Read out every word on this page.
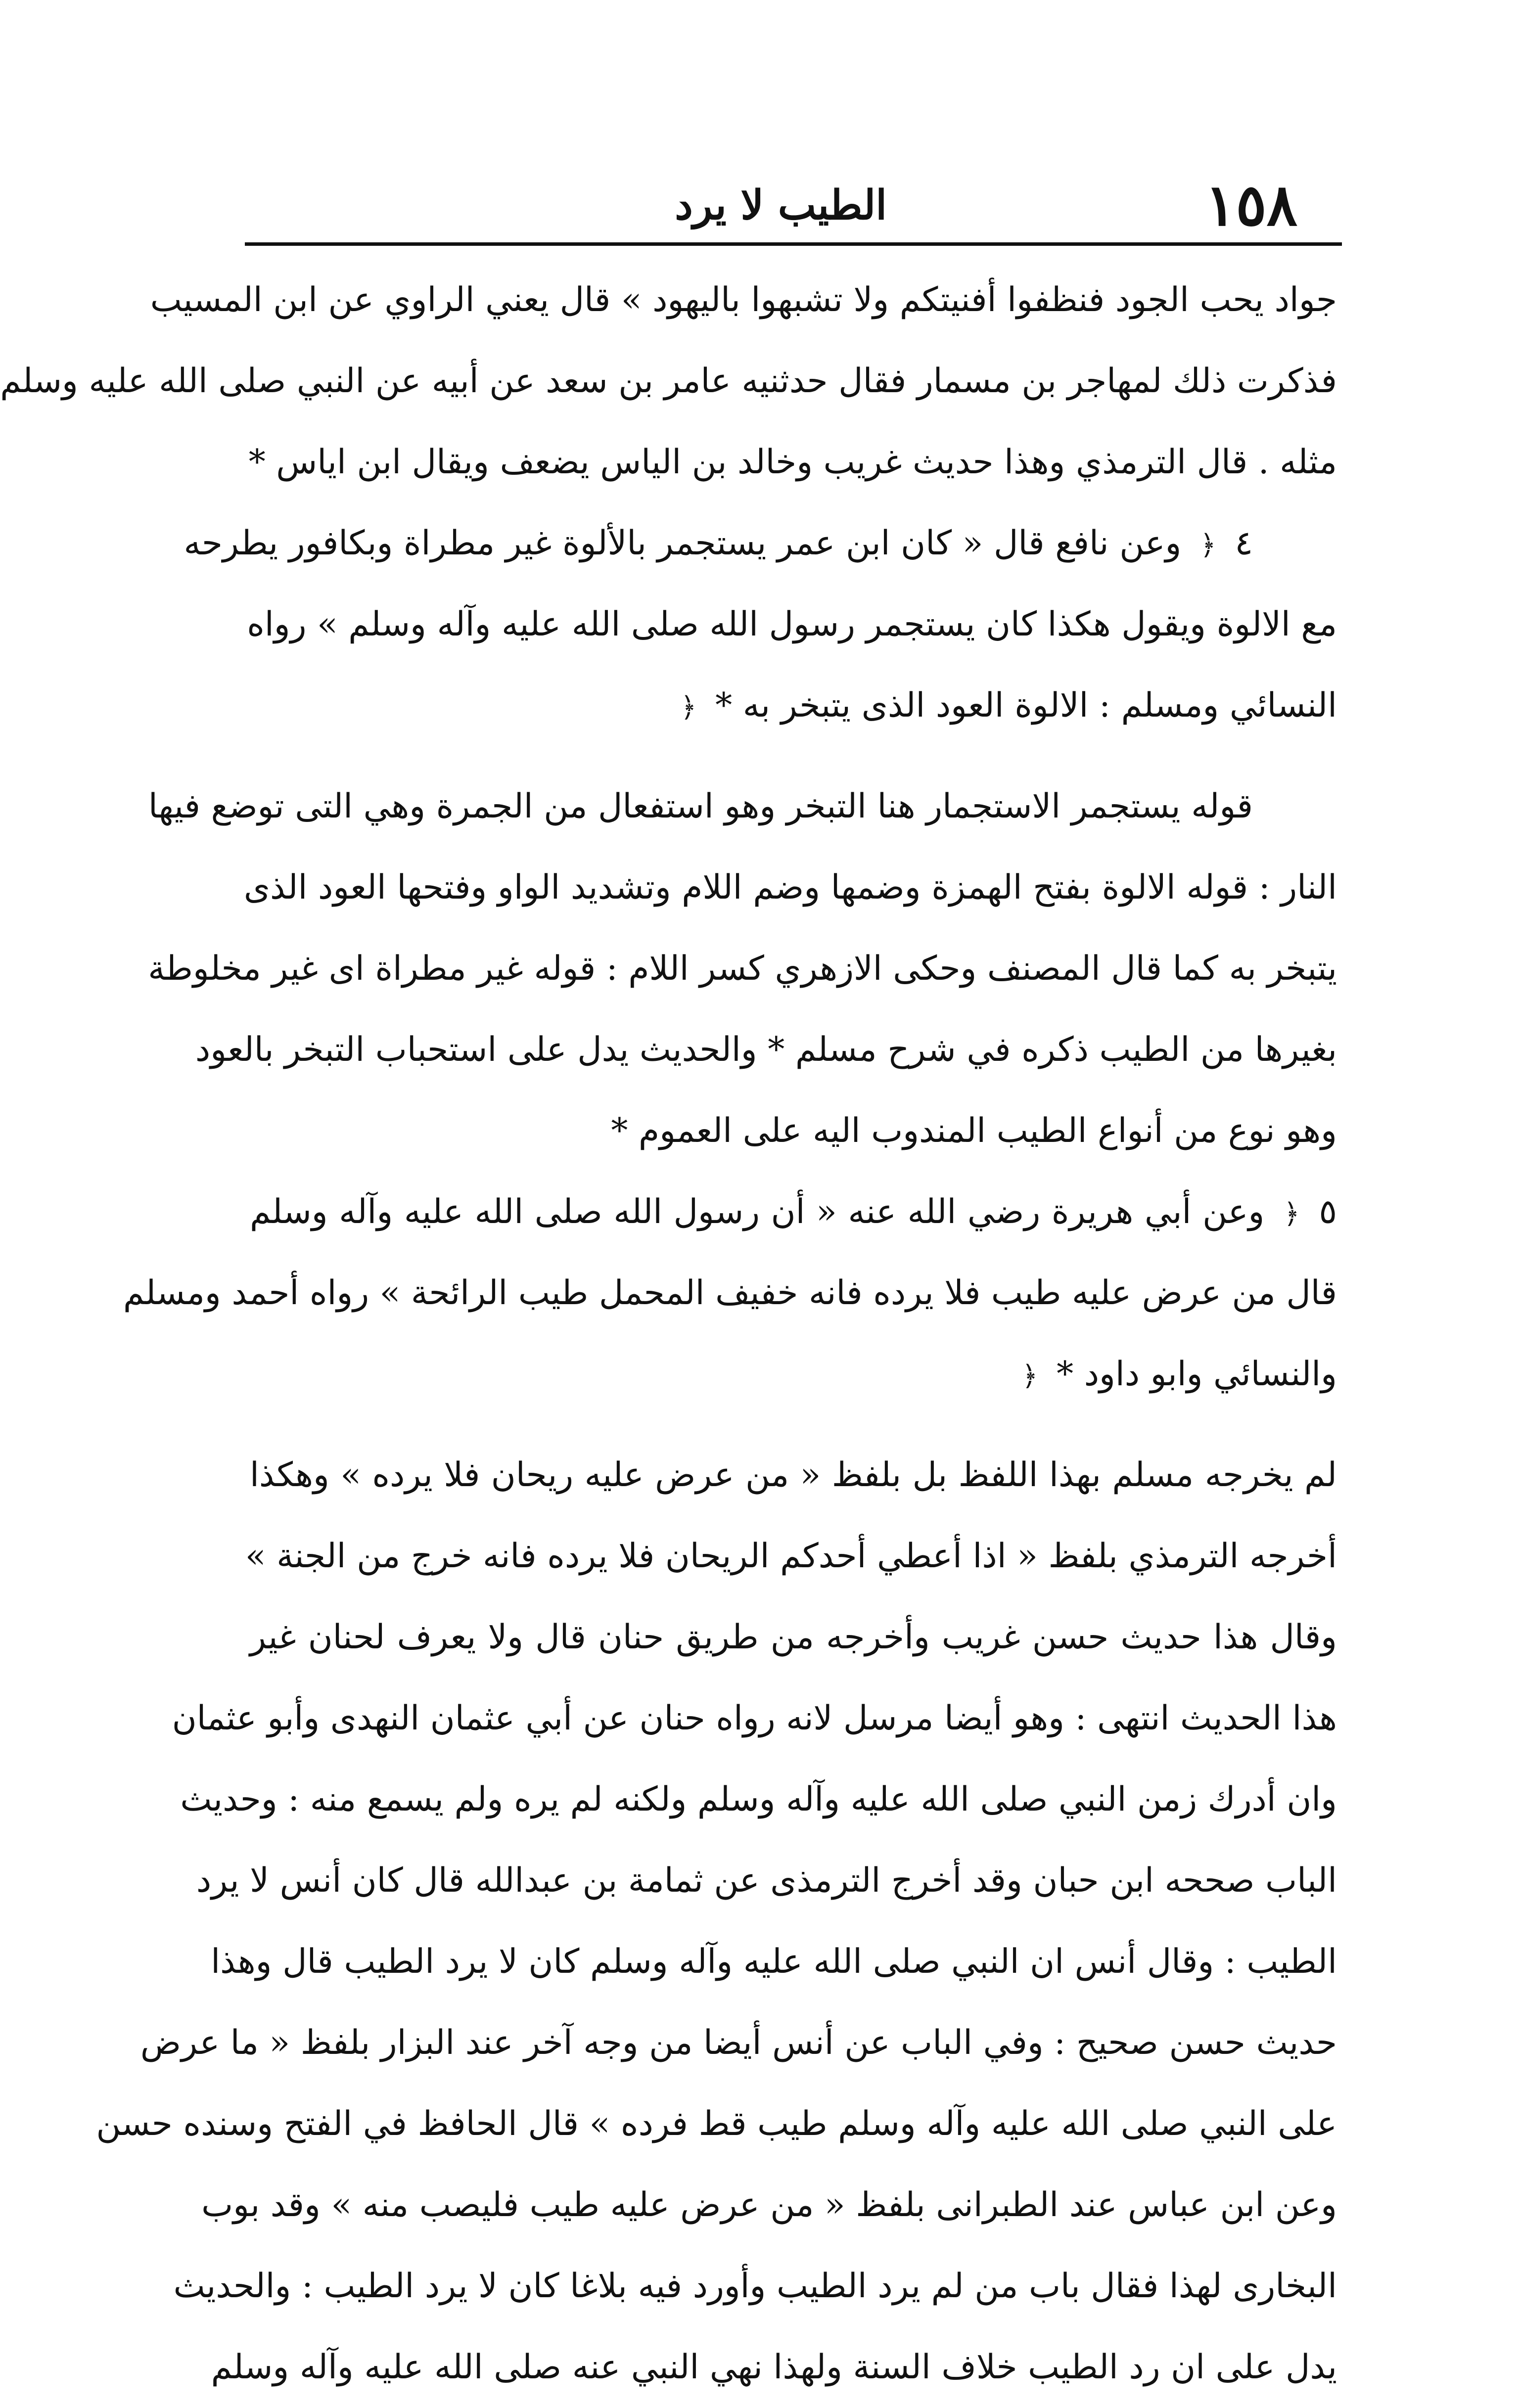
١٥٨
الطيب لا يرد
جواد يحب الجود فنظفوا أفنيتكم ولا تشبهوا باليهود » قال يعني الراوي عن ابن المسيب
فذكرت ذلك لمهاجر بن مسمار فقال حدثنيه عامر بن سعد عن أبيه عن النبي صلى الله عليه وسلم
مثله . قال الترمذي وهذا حديث غريب وخالد بن الياس يضعف ويقال ابن اياس *
٤ ﴿ وعن نافع قال « كان ابن عمر يستجمر بالألوة غير مطراة وبكافور يطرحه
مع الالوة ويقول هكذا كان يستجمر رسول الله صلى الله عليه وآله وسلم » رواه
النسائي ومسلم : الالوة العود الذى يتبخر به * ﴿
قوله يستجمر الاستجمار هنا التبخر وهو استفعال من الجمرة وهي التى توضع فيها
النار : قوله الالوة بفتح الهمزة وضمها وضم اللام وتشديد الواو وفتحها العود الذى
يتبخر به كما قال المصنف وحكى الازهري كسر اللام : قوله غير مطراة اى غير مخلوطة
بغيرها من الطيب ذكره في شرح مسلم * والحديث يدل على استحباب التبخر بالعود
وهو نوع من أنواع الطيب المندوب اليه على العموم *
٥ ﴿ وعن أبي هريرة رضي الله عنه « أن رسول الله صلى الله عليه وآله وسلم
قال من عرض عليه طيب فلا يرده فانه خفيف المحمل طيب الرائحة » رواه أحمد ومسلم
والنسائي وابو داود * ﴿
لم يخرجه مسلم بهذا اللفظ بل بلفظ « من عرض عليه ريحان فلا يرده » وهكذا
أخرجه الترمذي بلفظ « اذا أعطي أحدكم الريحان فلا يرده فانه خرج من الجنة »
وقال هذا حديث حسن غريب وأخرجه من طريق حنان قال ولا يعرف لحنان غير
هذا الحديث انتهى : وهو أيضا مرسل لانه رواه حنان عن أبي عثمان النهدى وأبو عثمان
وان أدرك زمن النبي صلى الله عليه وآله وسلم ولكنه لم يره ولم يسمع منه : وحديث
الباب صححه ابن حبان وقد أخرج الترمذى عن ثمامة بن عبدالله قال كان أنس لا يرد
الطيب : وقال أنس ان النبي صلى الله عليه وآله وسلم كان لا يرد الطيب قال وهذا
حديث حسن صحيح : وفي الباب عن أنس أيضا من وجه آخر عند البزار بلفظ « ما عرض
على النبي صلى الله عليه وآله وسلم طيب قط فرده » قال الحافظ في الفتح وسنده حسن
وعن ابن عباس عند الطبرانى بلفظ « من عرض عليه طيب فليصب منه » وقد بوب
البخارى لهذا فقال باب من لم يرد الطيب وأورد فيه بلاغا كان لا يرد الطيب : والحديث
يدل على ان رد الطيب خلاف السنة ولهذا نهي النبي عنه صلى الله عليه وآله وسلم
